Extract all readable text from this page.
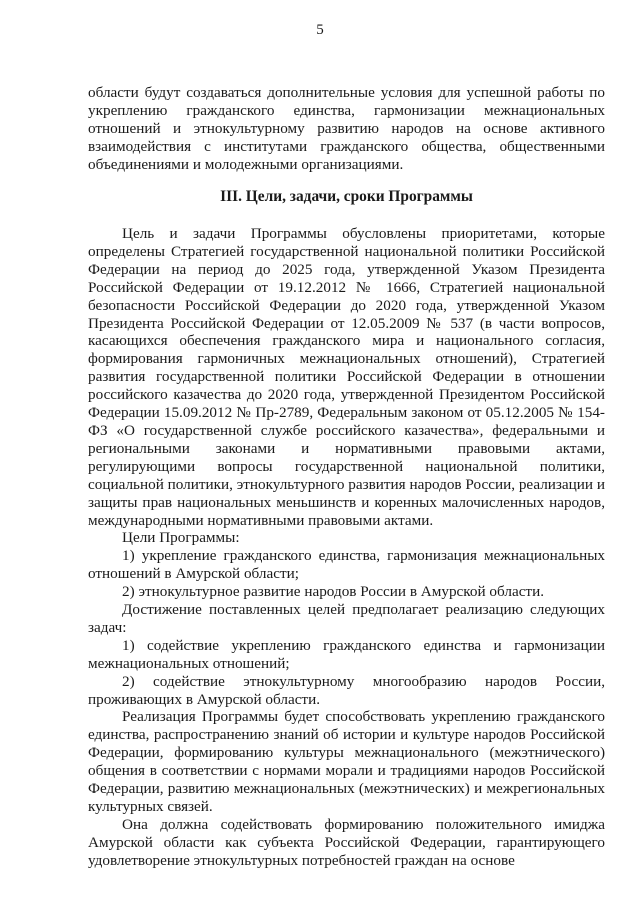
5

области будут создаваться дополнительные условия для успешной работы по укреплению гражданского единства, гармонизации межнациональных отношений и этнокультурному развитию народов на основе активного взаимодействия с институтами гражданского общества, общественными объединениями и молодежными организациями.

III. Цели, задачи, сроки Программы

Цель и задачи Программы обусловлены приоритетами, которые определены Стратегией государственной национальной политики Российской Федерации на период до 2025 года, утвержденной Указом Президента Российской Федерации от 19.12.2012 № 1666, Стратегией национальной безопасности Российской Федерации до 2020 года, утвержденной Указом Президента Российской Федерации от 12.05.2009 № 537 (в части вопросов, касающихся обеспечения гражданского мира и национального согласия, формирования гармоничных межнациональных отношений), Стратегией развития государственной политики Российской Федерации в отношении российского казачества до 2020 года, утвержденной Президентом Российской Федерации 15.09.2012 № Пр-2789, Федеральным законом от 05.12.2005 № 154-ФЗ «О государственной службе российского казачества», федеральными и региональными законами и нормативными правовыми актами, регулирующими вопросы государственной национальной политики, социальной политики, этнокультурного развития народов России, реализации и защиты прав национальных меньшинств и коренных малочисленных народов, международными нормативными правовыми актами.

Цели Программы:

1) укрепление гражданского единства, гармонизация межнациональных отношений в Амурской области;

2) этнокультурное развитие народов России в Амурской области.

Достижение поставленных целей предполагает реализацию следующих задач:

1) содействие укреплению гражданского единства и гармонизации межнациональных отношений;

2) содействие этнокультурному многообразию народов России, проживающих в Амурской области.

Реализация Программы будет способствовать укреплению гражданского единства, распространению знаний об истории и культуре народов Российской Федерации, формированию культуры межнационального (межэтнического) общения в соответствии с нормами морали и традициями народов Российской Федерации, развитию межнациональных (межэтнических) и межрегиональных культурных связей.

Она должна содействовать формированию положительного имиджа Амурской области как субъекта Российской Федерации, гарантирующего удовлетворение этнокультурных потребностей граждан на основе
